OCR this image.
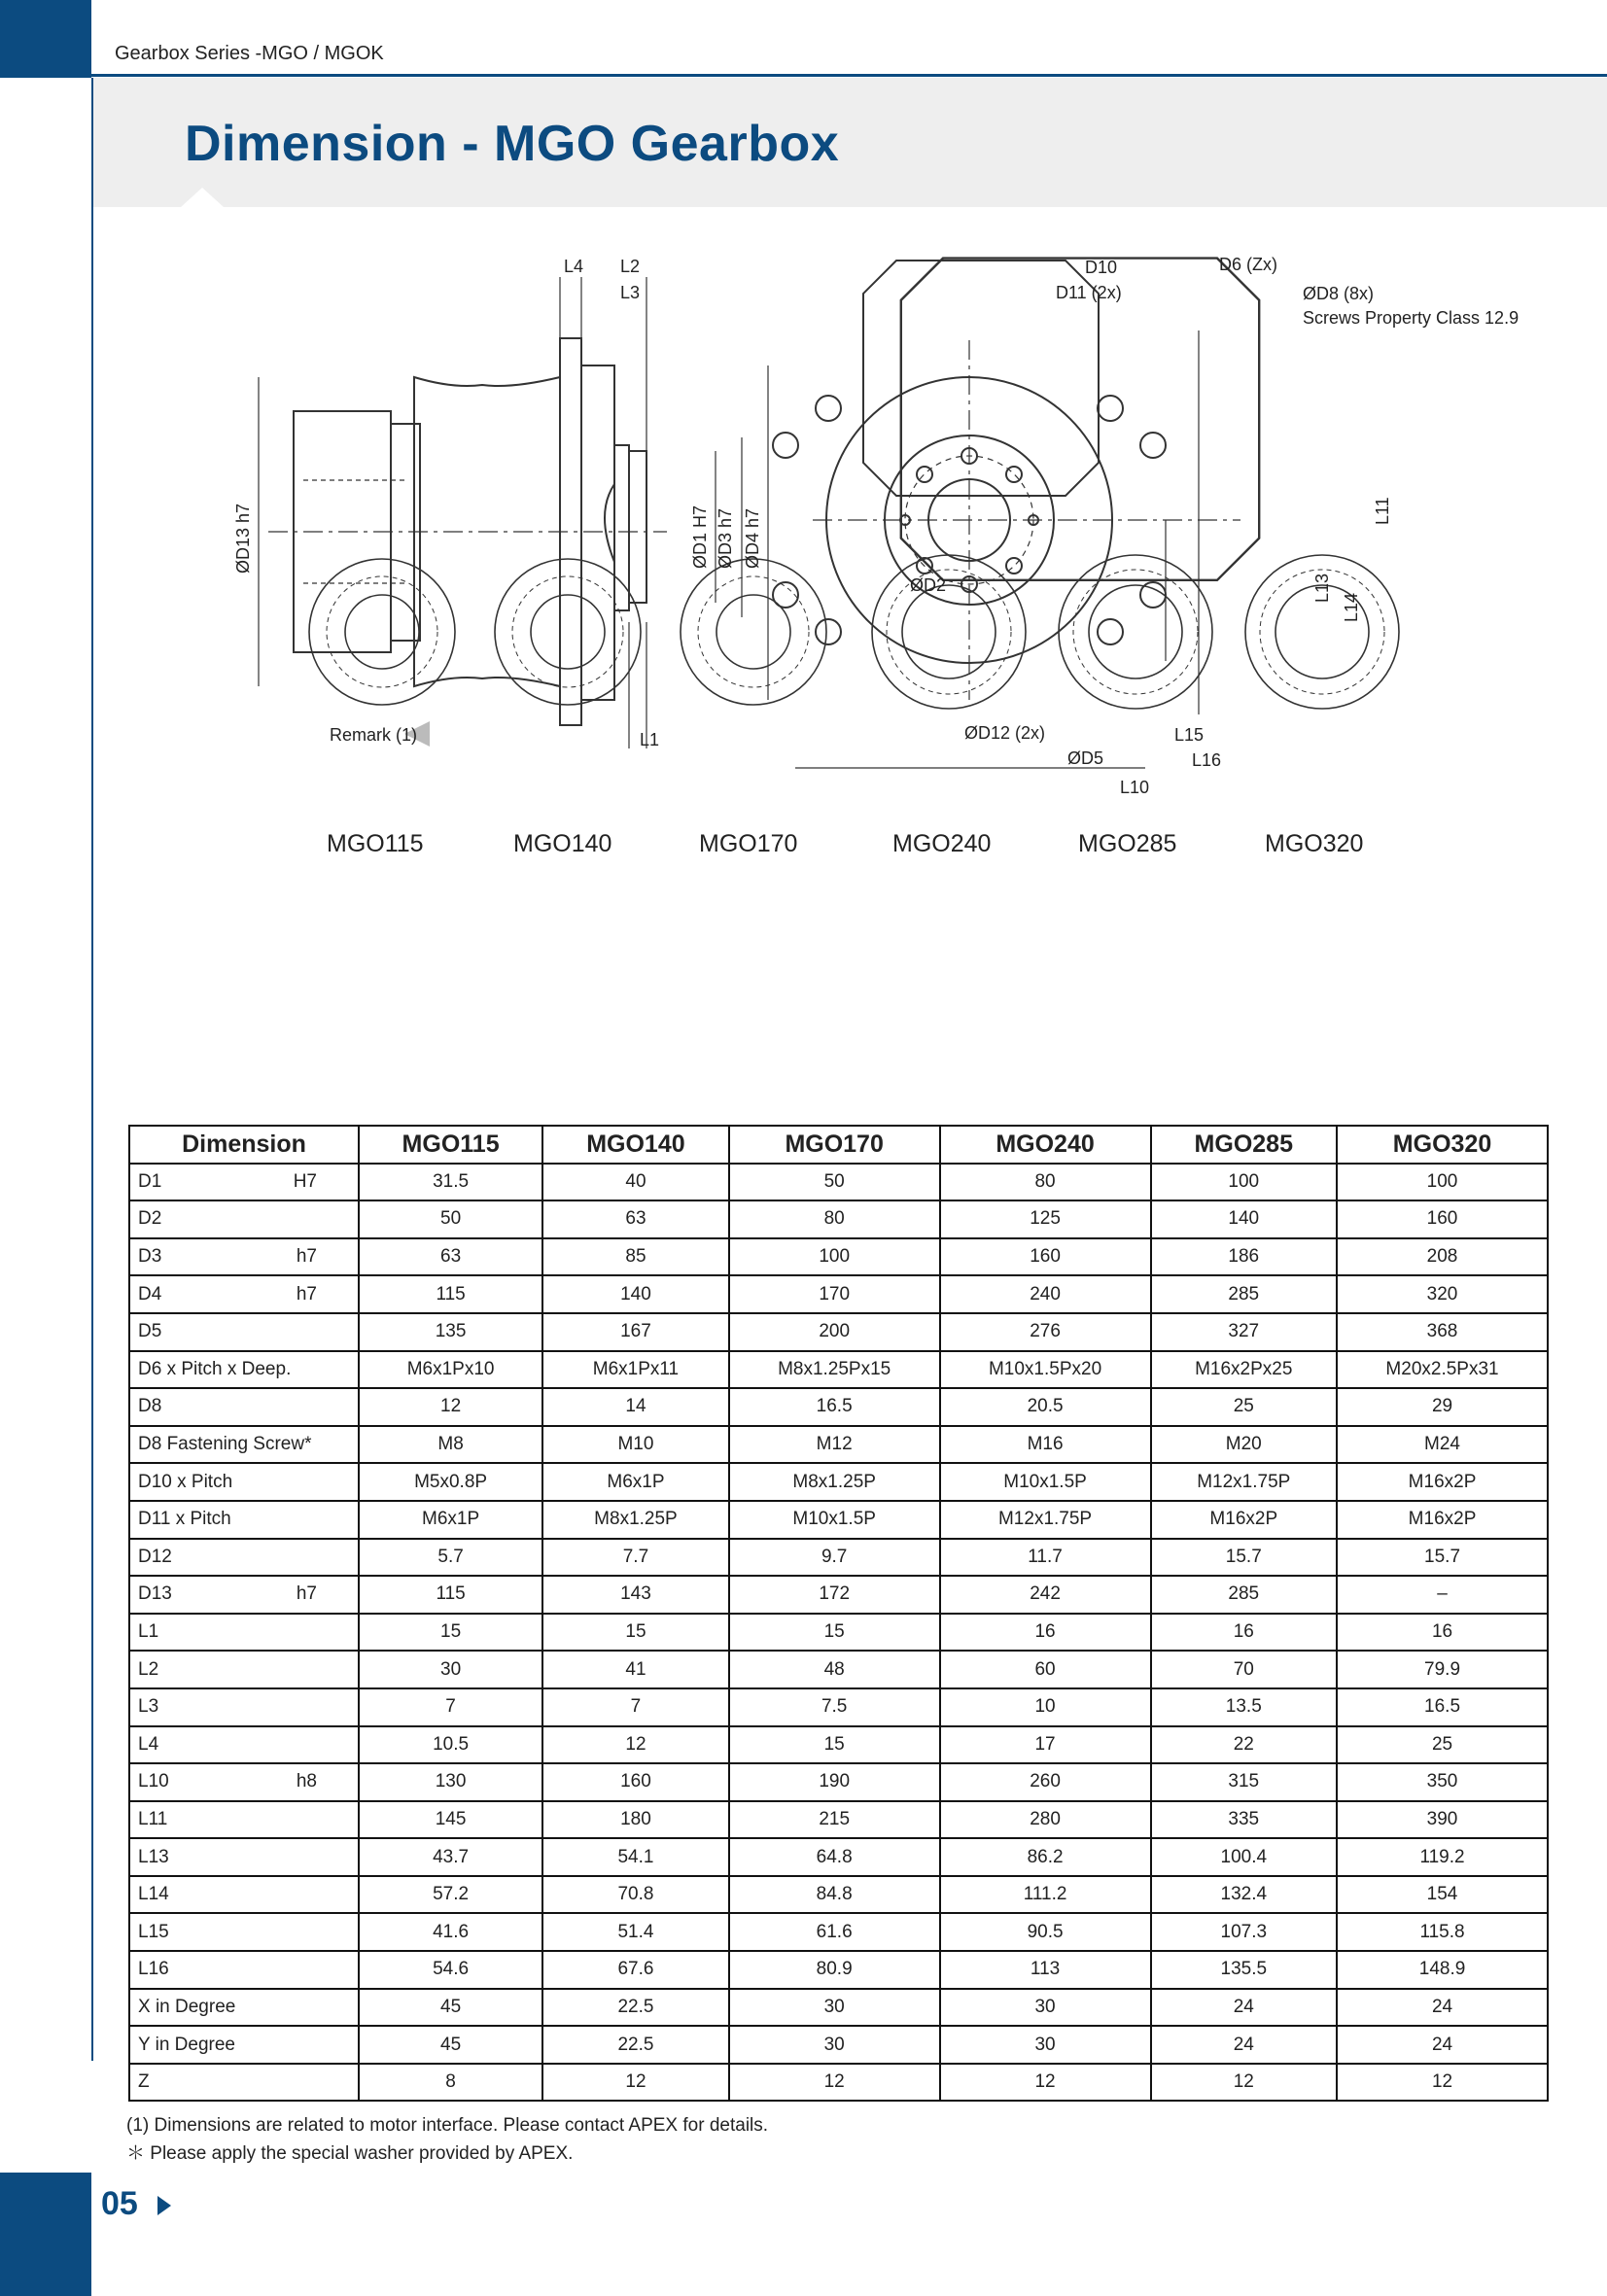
Gearbox Series -MGO / MGOK
Dimension - MGO Gearbox
L4 L2
L3
L1
ØD13 h7	ØD1 H7 ØD3 h7 ØD4 h7
Remark (1)
D10
D11 (2x)
D6 (Zx)
ØD8 (8x)
Screws Property Class 12.9
ØD2
L11
L13
L14
ØD12 (2x)
ØD5
L15
L16
L10
MGO115	MGO140	MGO170	MGO240	MGO285	MGO320
Dimension	MGO115	MGO140	MGO170	MGO240	MGO285	MGO320
D1 H7	31.5	40	50	80	100	100
D2	50	63	80	125	140	160
D3 h7	63	85	100	160	186	208
D4 h7	115	140	170	240	285	320
D5	135	167	200	276	327	368
D6 x Pitch x Deep.	M6x1Px10	M6x1Px11	M8x1.25Px15	M10x1.5Px20	M16x2Px25	M20x2.5Px31
D8	12	14	16.5	20.5	25	29
D8 Fastening Screw*	M8	M10	M12	M16	M20	M24
D10 x Pitch	M5x0.8P	M6x1P	M8x1.25P	M10x1.5P	M12x1.75P	M16x2P
D11 x Pitch	M6x1P	M8x1.25P	M10x1.5P	M12x1.75P	M16x2P	M16x2P
D12	5.7	7.7	9.7	11.7	15.7	15.7
D13 h7	115	143	172	242	285	–
L1	15	15	15	16	16	16
L2	30	41	48	60	70	79.9
L3	7	7	7.5	10	13.5	16.5
L4	10.5	12	15	17	22	25
L10 h8	130	160	190	260	315	350
L11	145	180	215	280	335	390
L13	43.7	54.1	64.8	86.2	100.4	119.2
L14	57.2	70.8	84.8	111.2	132.4	154
L15	41.6	51.4	61.6	90.5	107.3	115.8
L16	54.6	67.6	80.9	113	135.5	148.9
X in Degree	45	22.5	30	30	24	24
Y in Degree	45	22.5	30	30	24	24
Z	8	12	12	12	12	12
(1) Dimensions are related to motor interface. Please contact APEX for details.
＊ Please apply the special washer provided by APEX.
05
